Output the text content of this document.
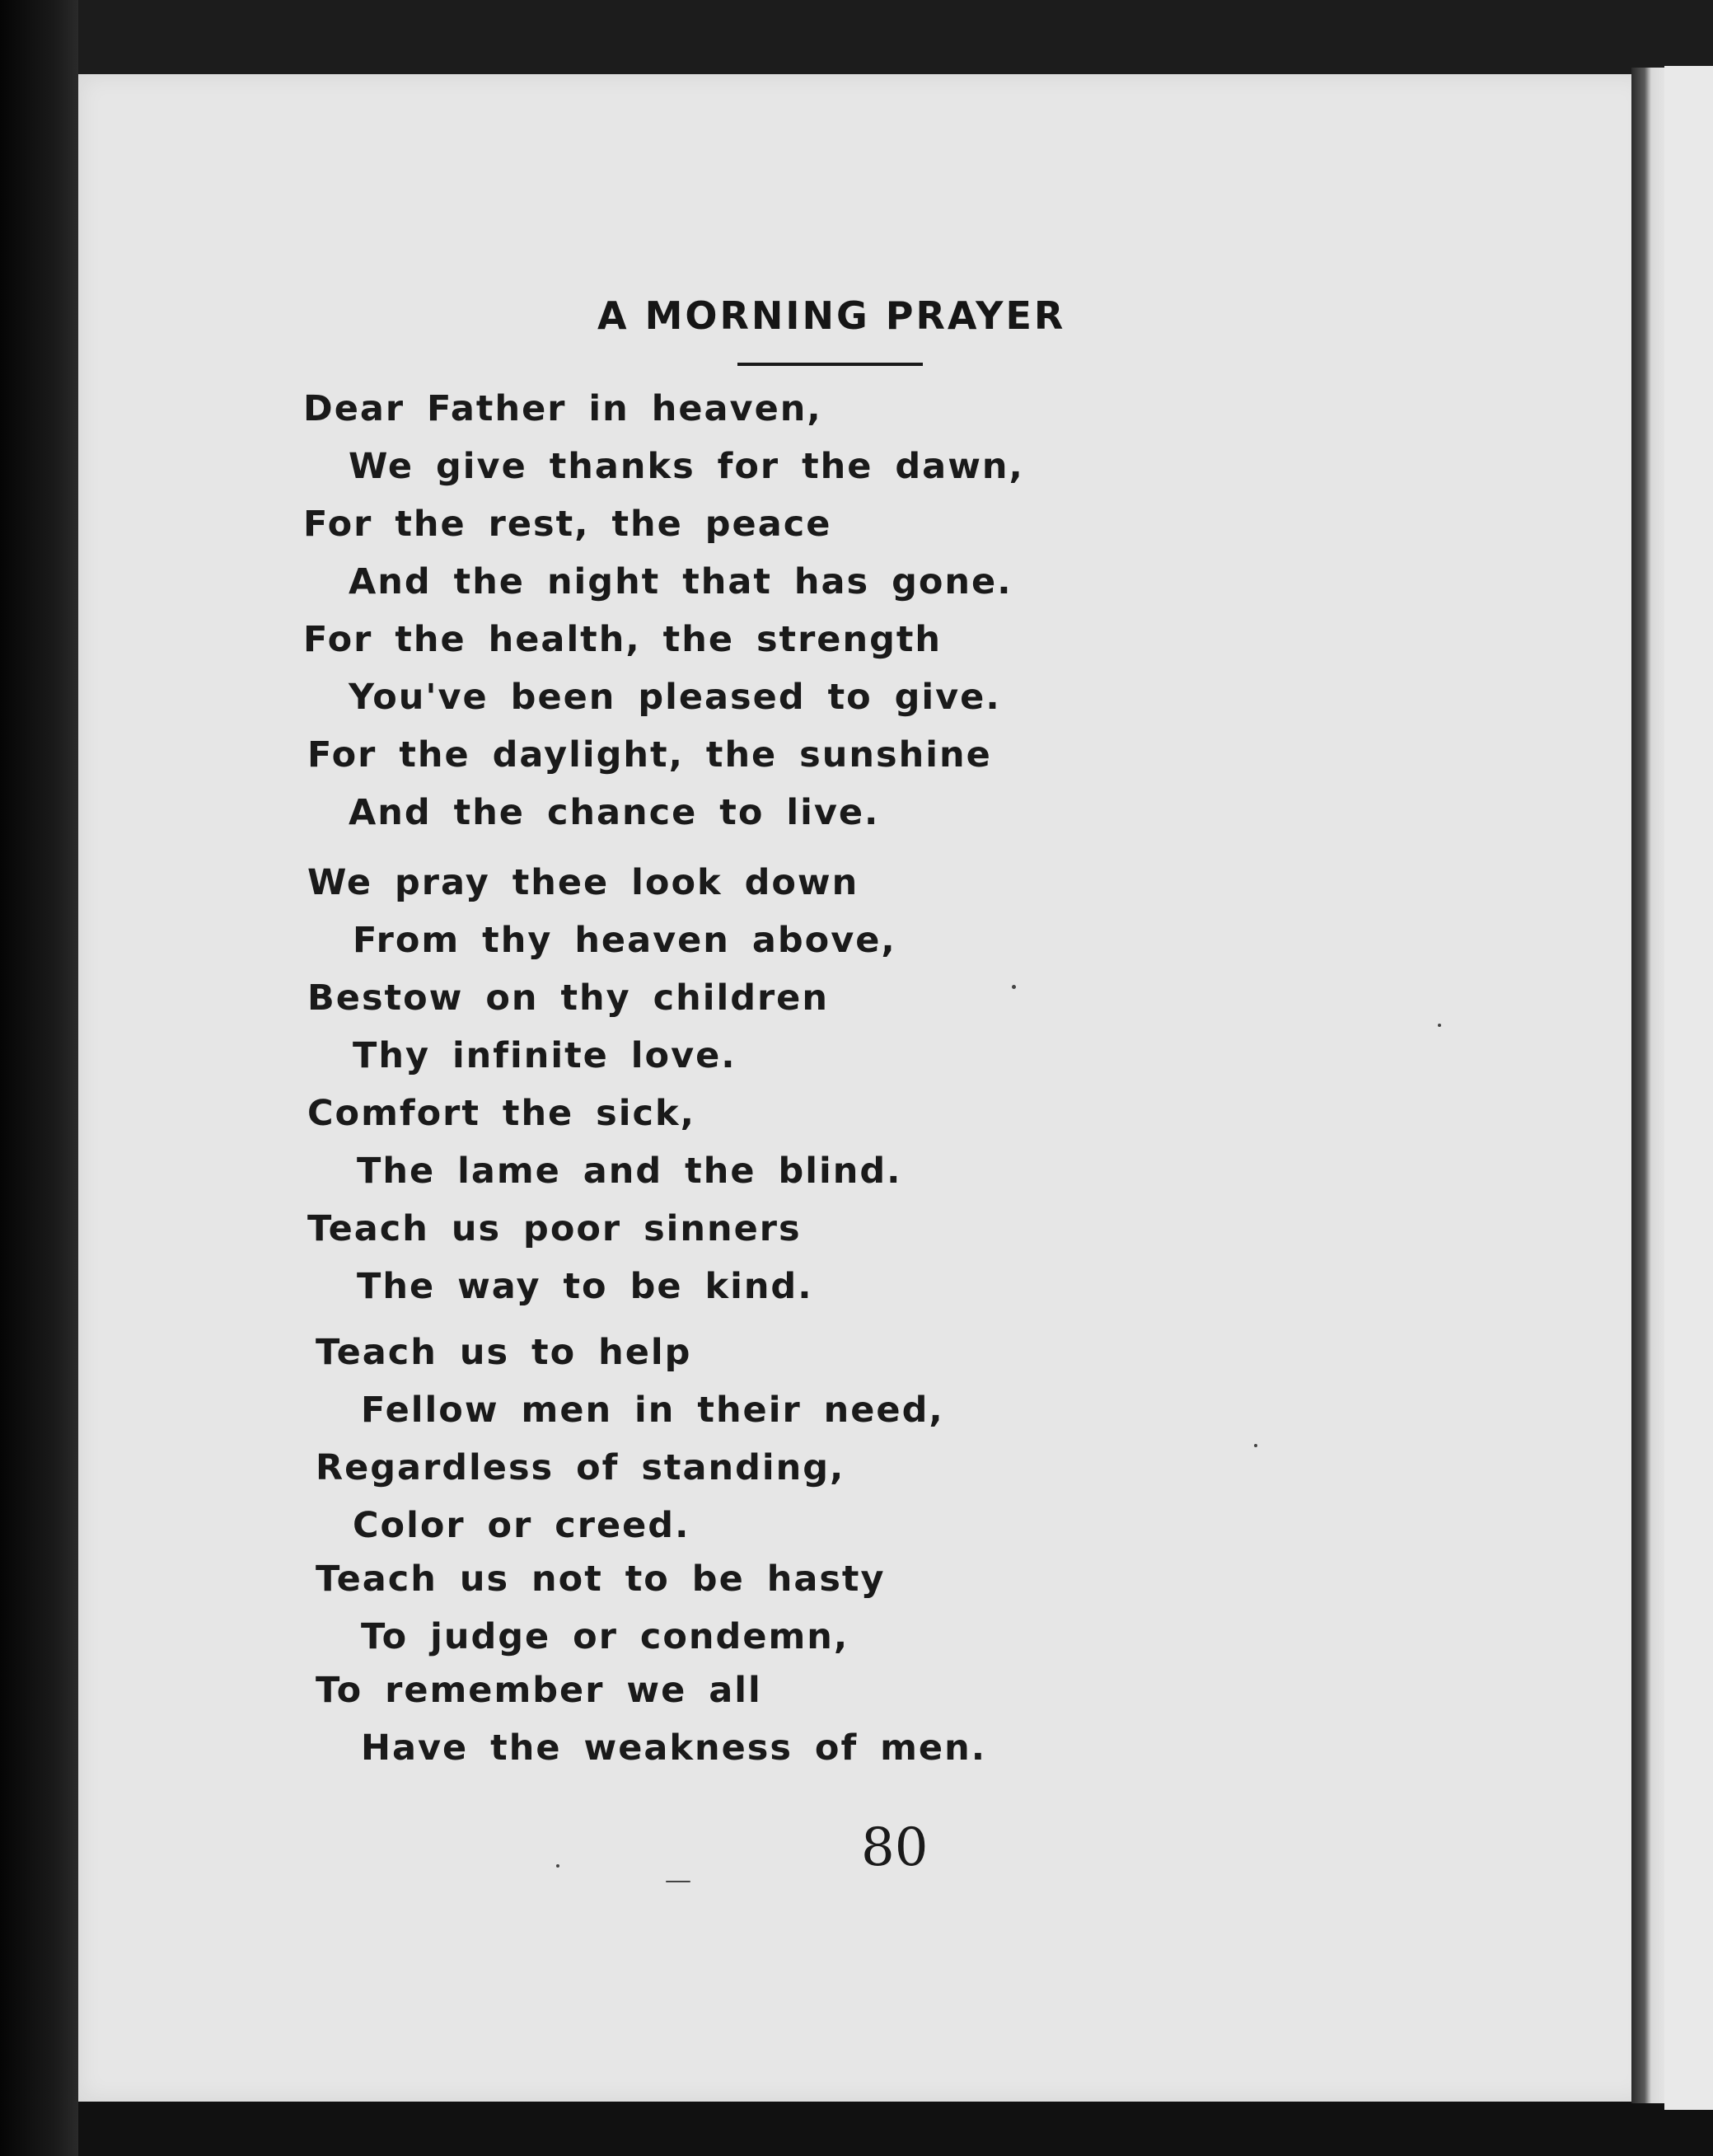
A MORNING PRAYER
Dear Father in heaven,
We give thanks for the dawn,
For the rest, the peace
And the night that has gone.
For the health, the strength
You've been pleased to give.
For the daylight, the sunshine
And the chance to live.
We pray thee look down
From thy heaven above,
Bestow on thy children
Thy infinite love.
Comfort the sick,
The lame and the blind.
Teach us poor sinners
The way to be kind.
Teach us to help
Fellow men in their need,
Regardless of standing,
Color or creed.
Teach us not to be hasty
To judge or condemn,
To remember we all
Have the weakness of men.
80
